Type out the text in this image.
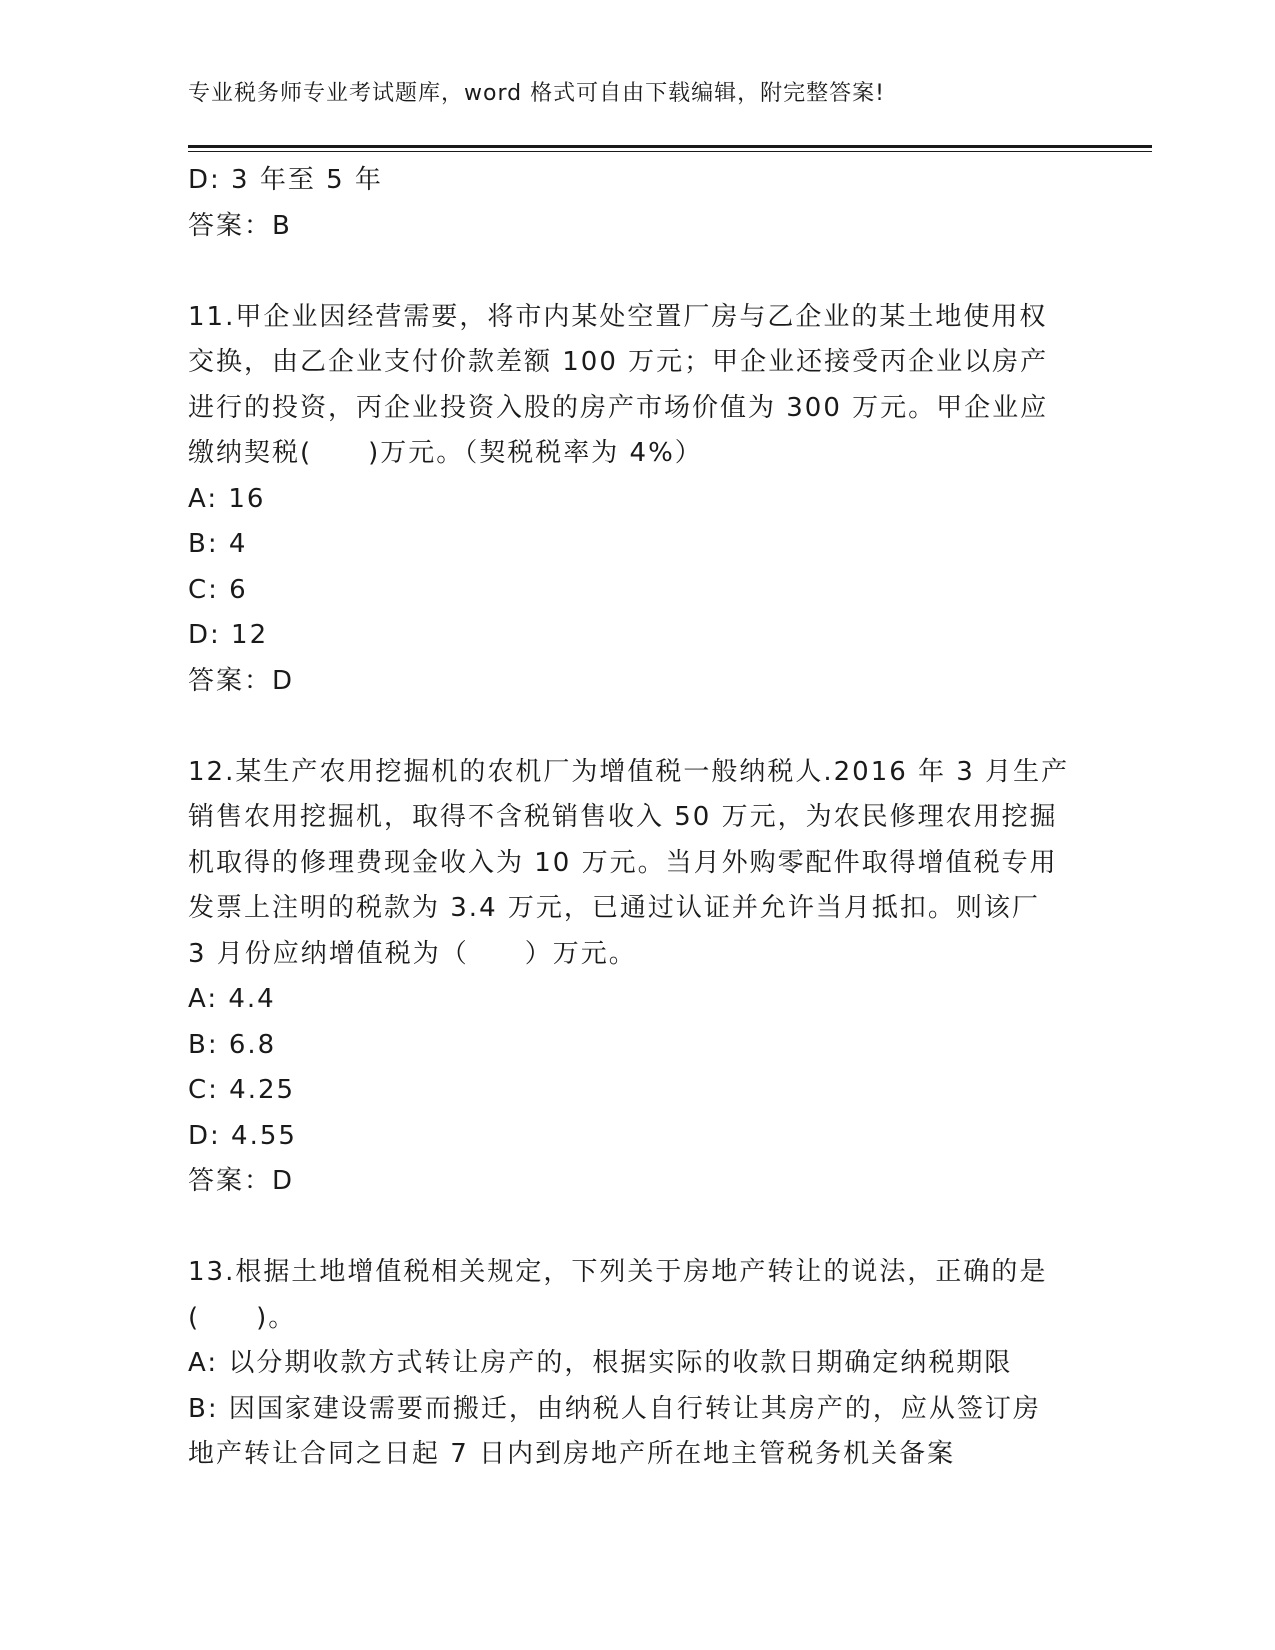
专业税务师专业考试题库，word 格式可自由下载编辑，附完整答案!
D: 3 年至 5 年
答案：B
11.甲企业因经营需要，将市内某处空置厂房与乙企业的某土地使用权
交换，由乙企业支付价款差额 100 万元；甲企业还接受丙企业以房产
进行的投资，丙企业投资入股的房产市场价值为 300 万元。甲企业应
缴纳契税(　　)万元。（契税税率为 4%）
A: 16
B: 4
C: 6
D: 12
答案：D
12.某生产农用挖掘机的农机厂为增值税一般纳税人.2016 年 3 月生产
销售农用挖掘机，取得不含税销售收入 50 万元，为农民修理农用挖掘
机取得的修理费现金收入为 10 万元。当月外购零配件取得增值税专用
发票上注明的税款为 3.4 万元，已通过认证并允许当月抵扣。则该厂
3 月份应纳增值税为（　　）万元。
A: 4.4
B: 6.8
C: 4.25
D: 4.55
答案：D
13.根据土地增值税相关规定，下列关于房地产转让的说法，正确的是
(　　)。
A: 以分期收款方式转让房产的，根据实际的收款日期确定纳税期限
B: 因国家建设需要而搬迁，由纳税人自行转让其房产的，应从签订房
地产转让合同之日起 7 日内到房地产所在地主管税务机关备案
